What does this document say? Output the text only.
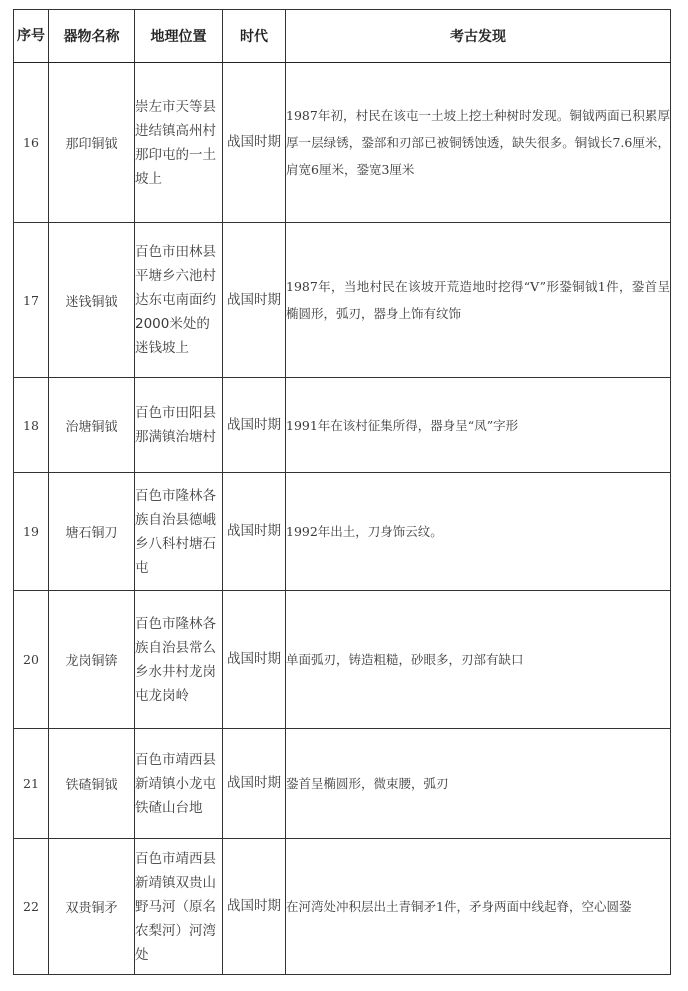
序号	器物名称	地理位置	时代	考古发现
16	那印铜钺	崇左市天等县进结镇高州村那印屯的一土坡上	战国时期	1987年初，村民在该屯一土坡上挖土种树时发现。铜钺两面已积累厚厚一层绿锈，銎部和刃部已被铜锈蚀透，缺失很多。铜钺长7.6厘米，肩宽6厘米，銎宽3厘米
17	迷钱铜钺	百色市田林县平塘乡六池村达东屯南面约2000米处的迷钱坡上	战国时期	1987年，当地村民在该坡开荒造地时挖得“V”形銎铜钺1件，銎首呈椭圆形，弧刃，器身上饰有纹饰
18	治塘铜钺	百色市田阳县那满镇治塘村	战国时期	1991年在该村征集所得，器身呈“凤”字形
19	塘石铜刀	百色市隆林各族自治县德峨乡八科村塘石屯	战国时期	1992年出土，刀身饰云纹。
20	龙岗铜锛	百色市隆林各族自治县常么乡水井村龙岗屯龙岗岭	战国时期	单面弧刃，铸造粗糙，砂眼多，刃部有缺口
21	铁碴铜钺	百色市靖西县新靖镇小龙屯铁碴山台地	战国时期	銎首呈椭圆形，微束腰，弧刃
22	双贵铜矛	百色市靖西县新靖镇双贵山野马河（原名农梨河）河湾处	战国时期	在河湾处冲积层出土青铜矛1件，矛身两面中线起脊，空心圆銎
